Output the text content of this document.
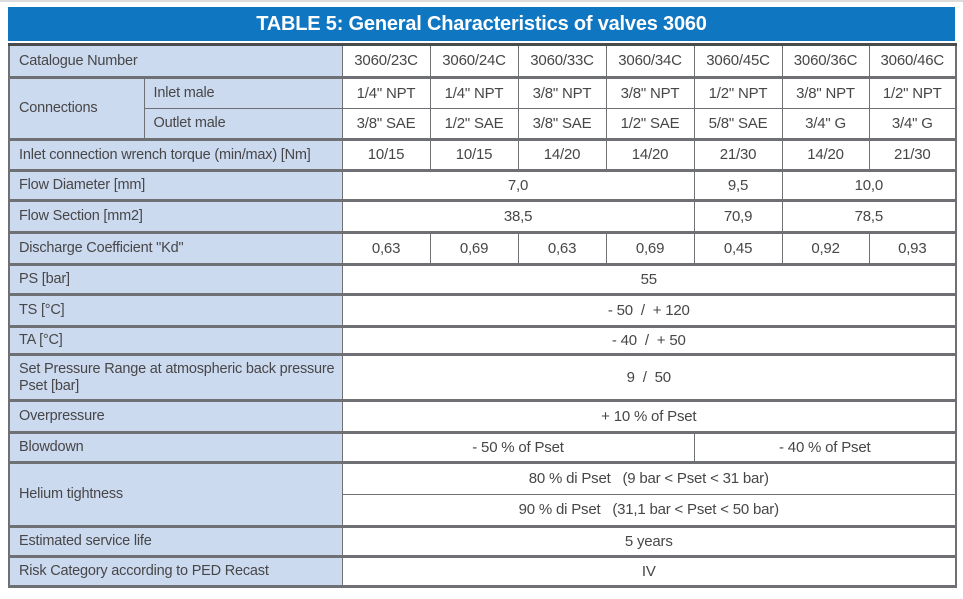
TABLE 5: General Characteristics of valves 3060
Catalogue Number		3060/23C	3060/24C	3060/33C	3060/34C	3060/45C	3060/36C	3060/46C
Connections	Inlet male	1/4" NPT	1/4" NPT	3/8" NPT	3/8" NPT	1/2" NPT	3/8" NPT	1/2" NPT
	Outlet male	3/8" SAE	1/2" SAE	3/8" SAE	1/2" SAE	5/8" SAE	3/4" G	3/4" G
Inlet connection wrench torque (min/max) [Nm]		10/15	10/15	14/20	14/20	21/30	14/20	21/30
Flow Diameter [mm]		7,0				9,5	10,0	
Flow Section [mm2]		38,5				70,9	78,5	
Discharge Coefficient "Kd"		0,63	0,69	0,63	0,69	0,45	0,92	0,93
PS [bar]		55						
TS [°C]		- 50  /  + 120						
TA [°C]		- 40  /  + 50						
Set Pressure Range at atmospheric back pressure Pset [bar]		9  /  50						
Overpressure		+ 10 % of Pset						
Blowdown		- 50 % of Pset				- 40 % of Pset		
Helium tightness		80 % di Pset   (9 bar < Pset < 31 bar)						
		90 % di Pset   (31,1 bar < Pset < 50 bar)						
Estimated service life		5 years						
Risk Category according to PED Recast		IV						
